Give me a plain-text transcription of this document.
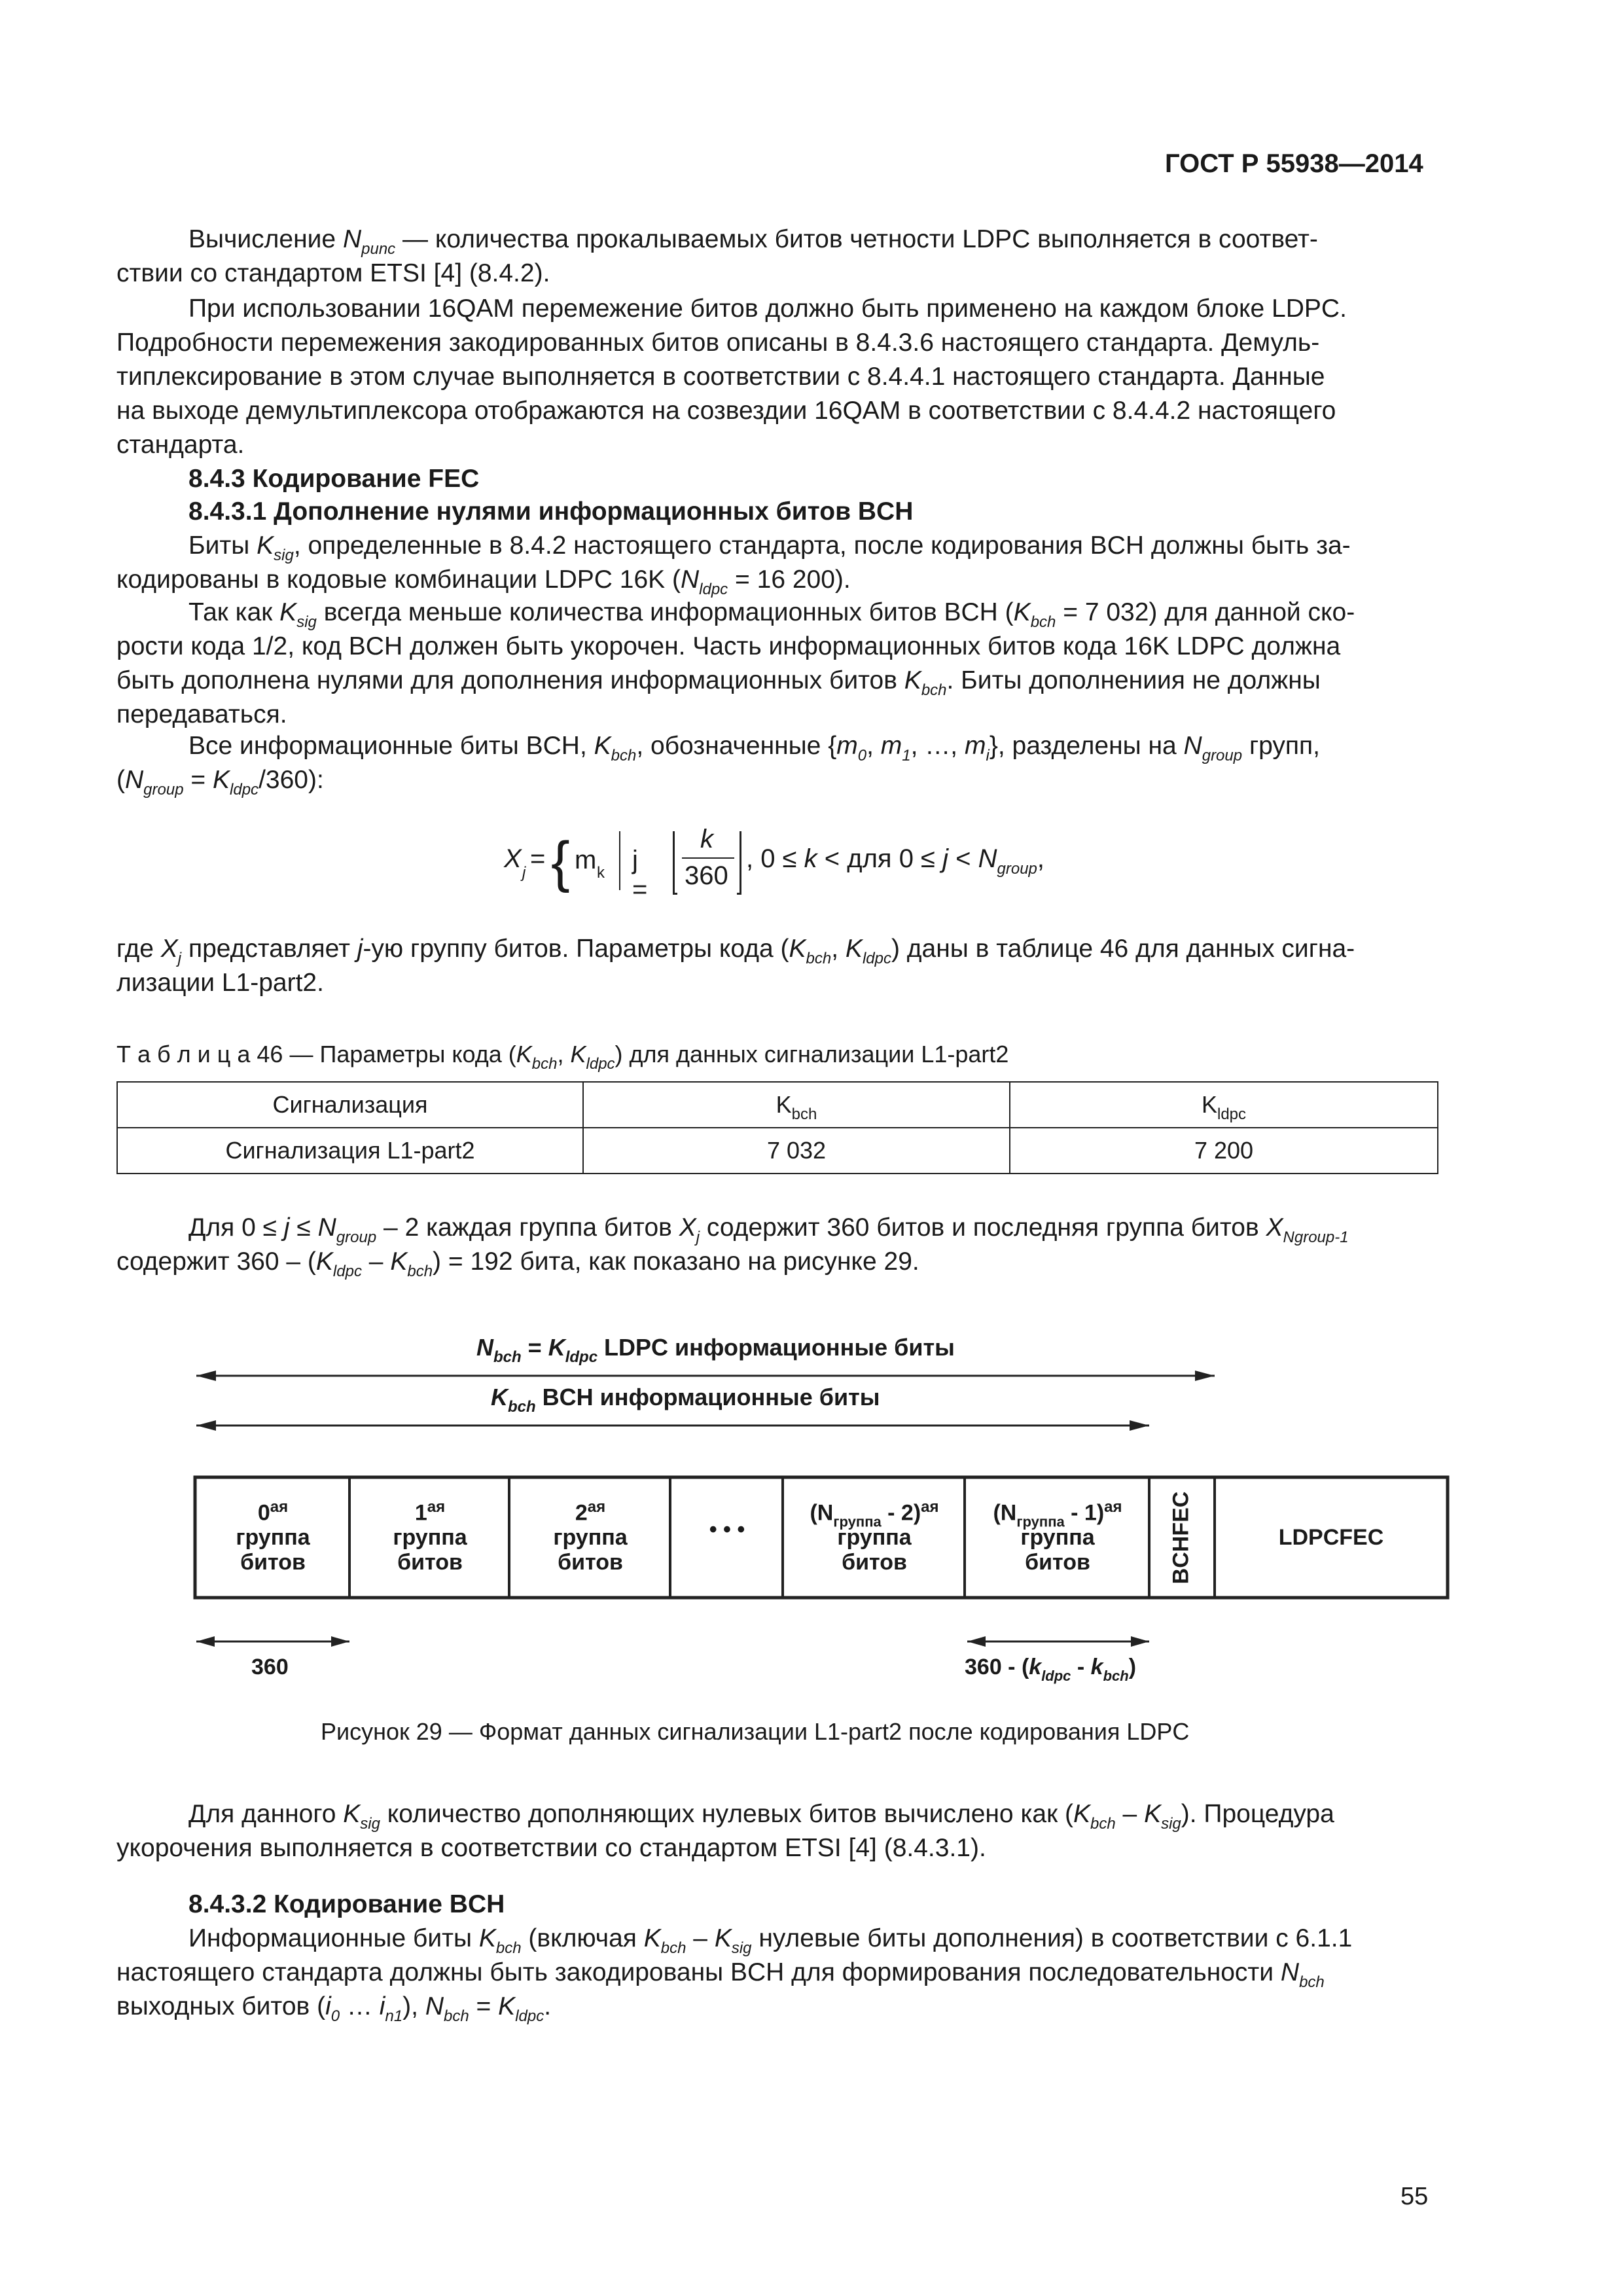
ГОСТ Р 55938—2014
Вычисление $N_{punc}$ — количества прокалываемых битов четности LDPC выполняется в соответ-
ствии со стандартом ETSI [4] (8.4.2).
При использовании 16QAM перемежение битов должно быть применено на каждом блоке LDPC.
Подробности перемежения закодированных битов описаны в 8.4.3.6 настоящего стандарта. Демуль-
типлексирование в этом случае выполняется в соответствии с 8.4.4.1 настоящего стандарта. Данные
на выходе демультиплексора отображаются на созвездии 16QAM в соответствии с 8.4.4.2 настоящего
стандарта.
8.4.3 Кодирование FEC
8.4.3.1 Дополнение нулями информационных битов BCH
Биты $K_{sig}$, определенные в 8.4.2 настоящего стандарта, после кодирования BCH должны быть за-
кодированы в кодовые комбинации LDPC 16K ($N_{ldpc} = 16$ 200).
Так как $K_{sig}$ всегда меньше количества информационных битов BCH ($K_{bch} = 7$ 032) для данной ско-
рости кода 1/2, код BCH должен быть укорочен. Часть информационных битов кода 16K LDPC должна
быть дополнена нулями для дополнения информационных битов $K_{bch}$. Биты дополнениия не должны
передаваться.
Все информационные биты BCH, $K_{bch}$, обозначенные {$m_0$, $m_1$, …, $m_i$}, разделены на $N_{group}$ групп,
$(N_{group} = K_{ldpc}/360)$:
X j = { m k j =
k
360
, 0 ≤ k < для $0 \le j < N_{group}$,
где $X_j$ представляет j-ую группу битов. Параметры кода ($K_{bch}$, $K_{ldpc}$) даны в таблице 46 для данных сигна-
лизации L1-part2.
Т а б л и ц а 46 — Параметры кода ($K_{bch}$, $K_{ldpc}$) для данных сигнализации L1-part2
Сигнализация	$K_{bch}$	$K_{ldpc}$
Сигнализация L1-part2	7 032	7 200
Для $0 \le j \le N_{group} - 2$ каждая группа битов $X_j$ содержит 360 битов и последняя группа битов $X_{Ngroup-1}$
содержит $360 - (K_{ldpc} - K_{bch}) = 192$ бита, как показано на рисунке 29.
$N_{bch} = K_{ldpc}$ LDPC информационные биты
$K_{bch}$ BCH информационные биты
$0^{ая}$
группа
битов
$1^{ая}$
группа
битов
$2^{ая}$
группа
битов
• • •
$(N_{группа} - 2)^{ая}$
группа
битов
$(N_{группа} - 1)^{ая}$
группа
битов	BCHFEC	LDPCFEC
360	$360 - (k_{ldpc} - k_{bch})$
Рисунок 29 — Формат данных сигнализации L1-part2 после кодирования LDPC
Для данного $K_{sig}$ количество дополняющих нулевых битов вычислено как $(K_{bch} - K_{sig})$. Процедура
укорочения выполняется в соответствии со стандартом ETSI [4] (8.4.3.1).
8.4.3.2 Кодирование BCH
Информационные биты $K_{bch}$ (включая $K_{bch} - K_{sig}$ нулевые биты дополнения) в соответствии с 6.1.1
настоящего стандарта должны быть закодированы BCH для формирования последовательности $N_{bch}$
выходных битов ($i_0$ … $i_{n1}$), $N_{bch} = K_{ldpc}$.
55
